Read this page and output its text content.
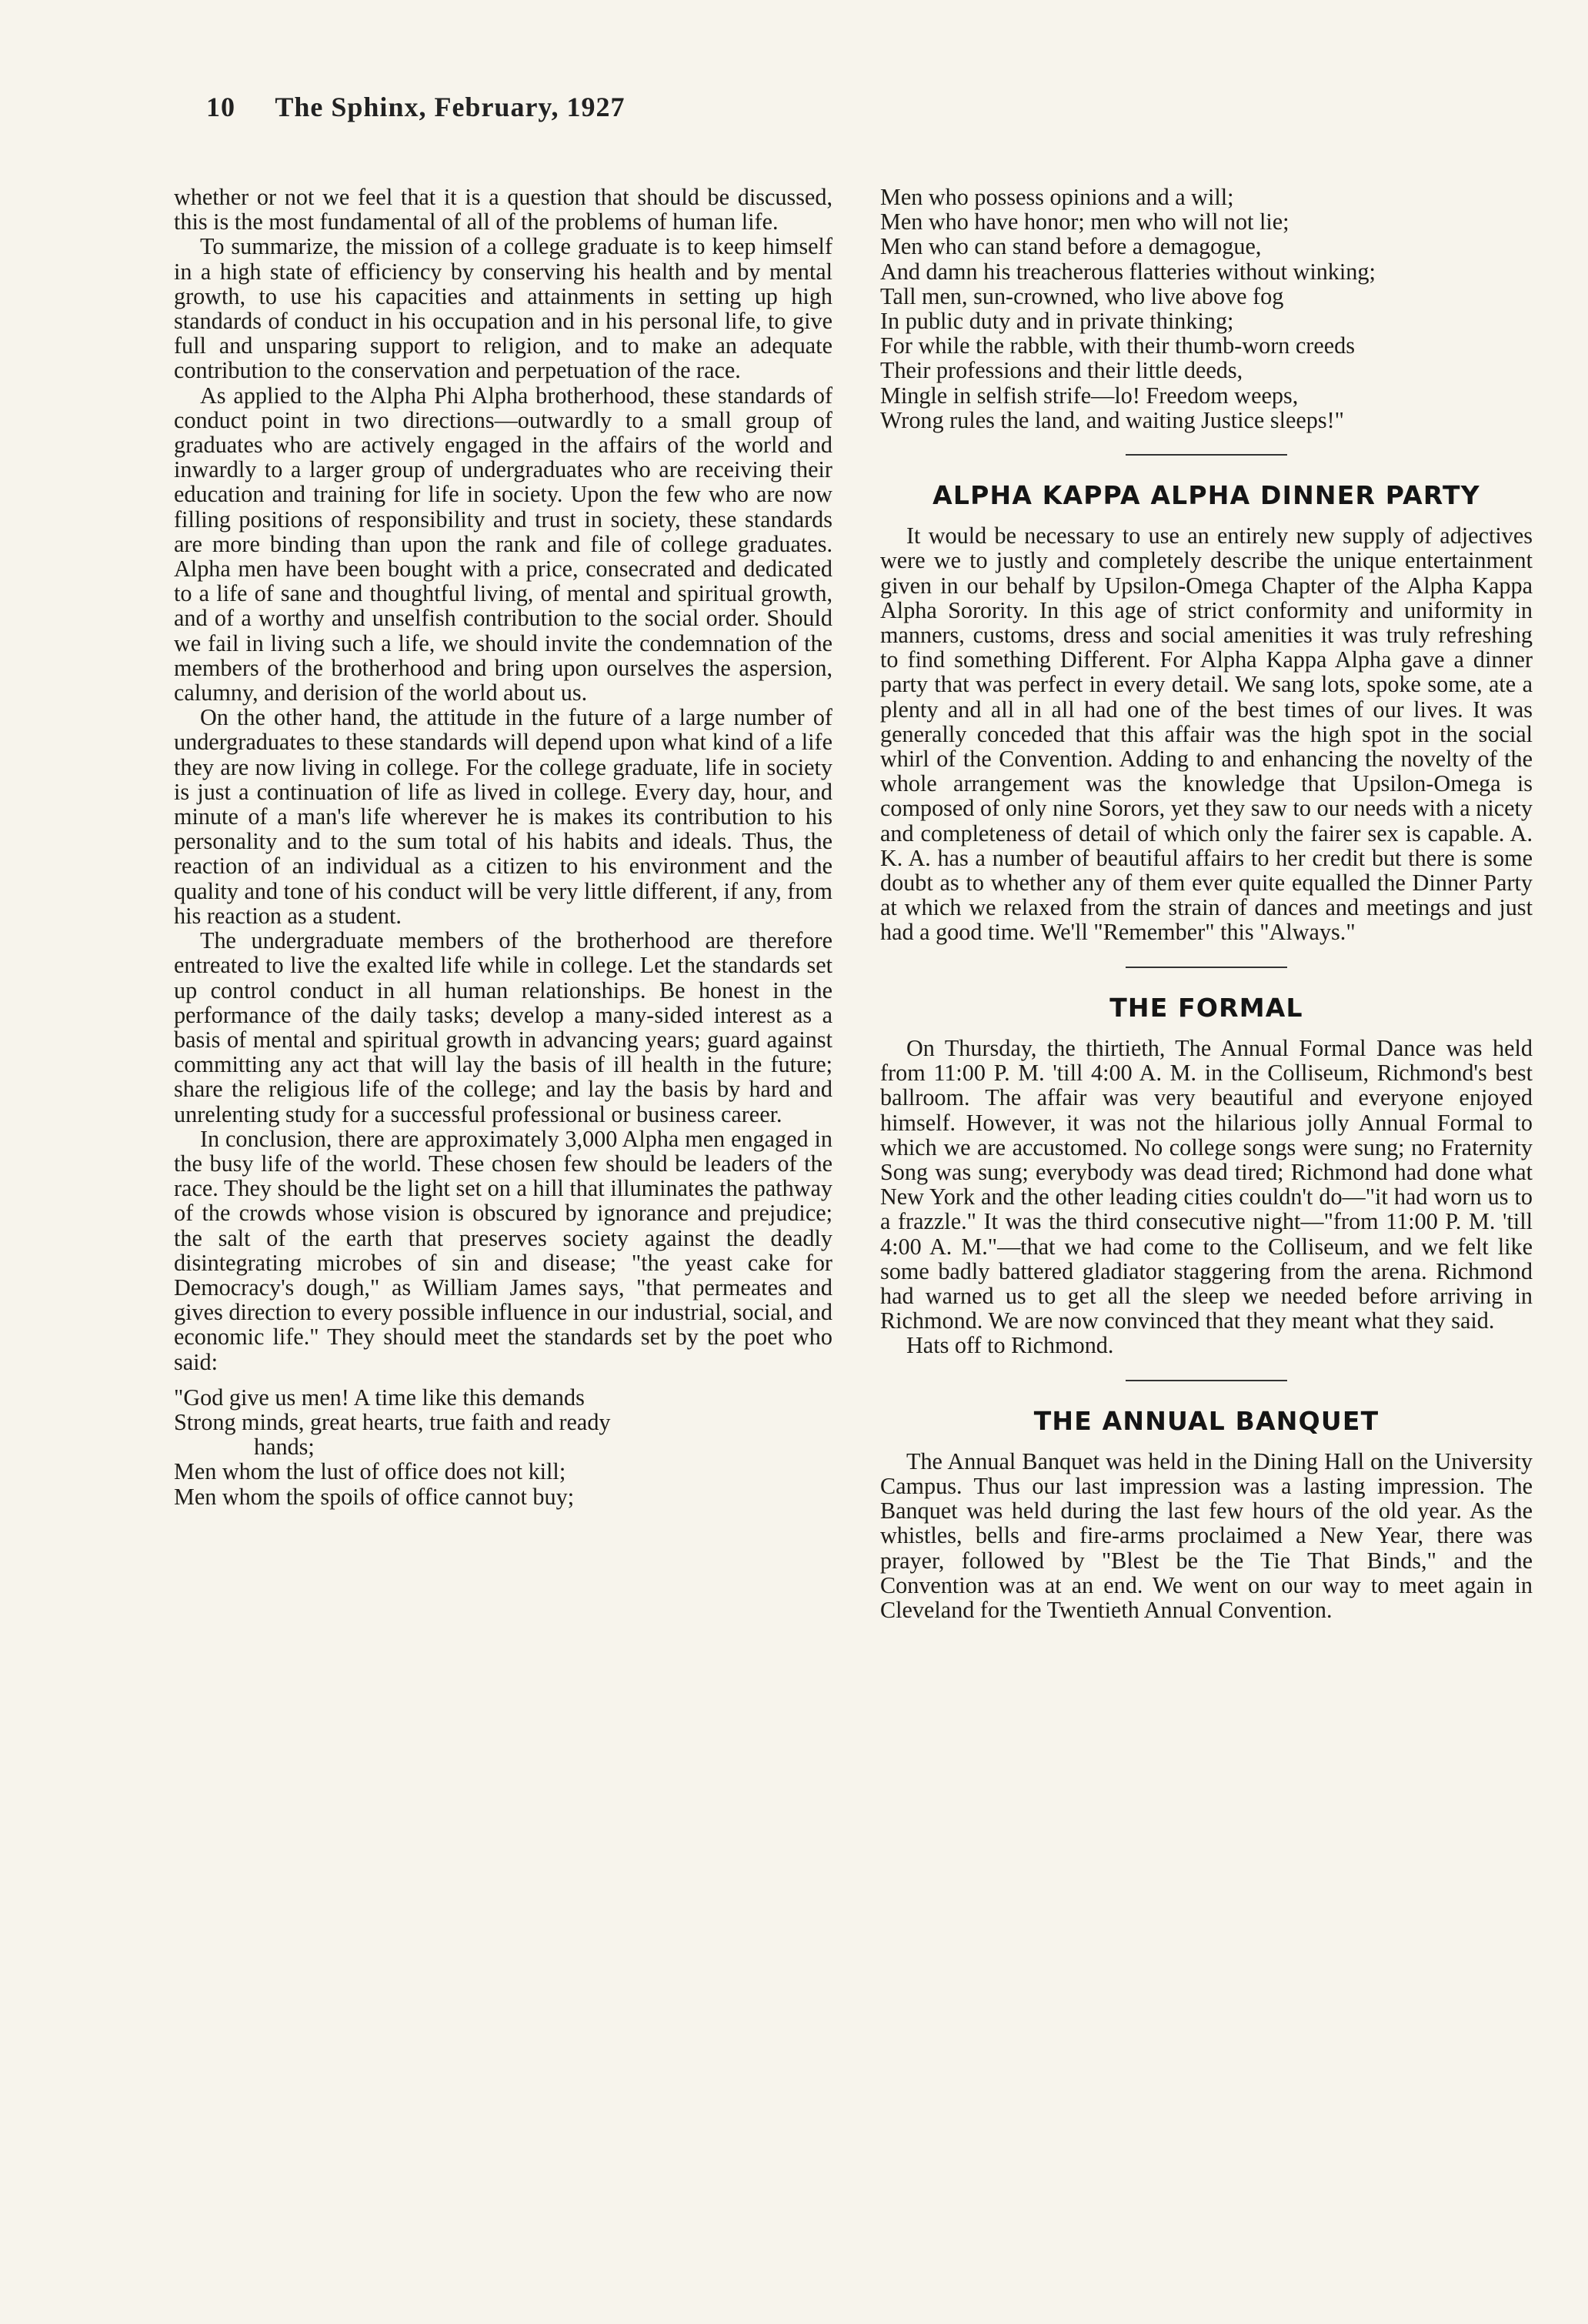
10 The Sphinx, February, 1927

whether or not we feel that it is a question that should be discussed, this is the most fundamental of all of the problems of human life.

To summarize, the mission of a college graduate is to keep himself in a high state of efficiency by conserving his health and by mental growth, to use his capacities and attainments in setting up high standards of conduct in his occupation and in his personal life, to give full and unsparing support to religion, and to make an adequate contribution to the conservation and perpetuation of the race.

As applied to the Alpha Phi Alpha brotherhood, these standards of conduct point in two directions—outwardly to a small group of graduates who are actively engaged in the affairs of the world and inwardly to a larger group of undergraduates who are receiving their education and training for life in society. Upon the few who are now filling positions of responsibility and trust in society, these standards are more binding than upon the rank and file of college graduates. Alpha men have been bought with a price, consecrated and dedicated to a life of sane and thoughtful living, of mental and spiritual growth, and of a worthy and unselfish contribution to the social order. Should we fail in living such a life, we should invite the condemnation of the members of the brotherhood and bring upon ourselves the aspersion, calumny, and derision of the world about us.

On the other hand, the attitude in the future of a large number of undergraduates to these standards will depend upon what kind of a life they are now living in college. For the college graduate, life in society is just a continuation of life as lived in college. Every day, hour, and minute of a man's life wherever he is makes its contribution to his personality and to the sum total of his habits and ideals. Thus, the reaction of an individual as a citizen to his environment and the quality and tone of his conduct will be very little different, if any, from his reaction as a student.

The undergraduate members of the brotherhood are therefore entreated to live the exalted life while in college. Let the standards set up control conduct in all human relationships. Be honest in the performance of the daily tasks; develop a many-sided interest as a basis of mental and spiritual growth in advancing years; guard against committing any act that will lay the basis of ill health in the future; share the religious life of the college; and lay the basis by hard and unrelenting study for a successful professional or business career.

In conclusion, there are approximately 3,000 Alpha men engaged in the busy life of the world. These chosen few should be leaders of the race. They should be the light set on a hill that illuminates the pathway of the crowds whose vision is obscured by ignorance and prejudice; the salt of the earth that preserves society against the deadly disintegrating microbes of sin and disease; "the yeast cake for Democracy's dough," as William James says, "that permeates and gives direction to every possible influence in our industrial, social, and economic life." They should meet the standards set by the poet who said:

"God give us men! A time like this demands
Strong minds, great hearts, true faith and ready
hands;
Men whom the lust of office does not kill;
Men whom the spoils of office cannot buy;
Men who possess opinions and a will;
Men who have honor; men who will not lie;
Men who can stand before a demagogue,
And damn his treacherous flatteries without winking;
Tall men, sun-crowned, who live above fog
In public duty and in private thinking;
For while the rabble, with their thumb-worn creeds
Their professions and their little deeds,
Mingle in selfish strife—lo! Freedom weeps,
Wrong rules the land, and waiting Justice sleeps!"
ALPHA KAPPA ALPHA DINNER PARTY

It would be necessary to use an entirely new supply of adjectives were we to justly and completely describe the unique entertainment given in our behalf by Upsilon-Omega Chapter of the Alpha Kappa Alpha Sorority. In this age of strict conformity and uniformity in manners, customs, dress and social amenities it was truly refreshing to find something Different. For Alpha Kappa Alpha gave a dinner party that was perfect in every detail. We sang lots, spoke some, ate a plenty and all in all had one of the best times of our lives. It was generally conceded that this affair was the high spot in the social whirl of the Convention. Adding to and enhancing the novelty of the whole arrangement was the knowledge that Upsilon-Omega is composed of only nine Sorors, yet they saw to our needs with a nicety and completeness of detail of which only the fairer sex is capable. A. K. A. has a number of beautiful affairs to her credit but there is some doubt as to whether any of them ever quite equalled the Dinner Party at which we relaxed from the strain of dances and meetings and just had a good time. We'll "Remember" this "Always."

THE FORMAL

On Thursday, the thirtieth, The Annual Formal Dance was held from 11:00 P. M. 'till 4:00 A. M. in the Colliseum, Richmond's best ballroom. The affair was very beautiful and everyone enjoyed himself. However, it was not the hilarious jolly Annual Formal to which we are accustomed. No college songs were sung; no Fraternity Song was sung; everybody was dead tired; Richmond had done what New York and the other leading cities couldn't do—"it had worn us to a frazzle." It was the third consecutive night—"from 11:00 P. M. 'till 4:00 A. M."—that we had come to the Colliseum, and we felt like some badly battered gladiator staggering from the arena. Richmond had warned us to get all the sleep we needed before arriving in Richmond. We are now convinced that they meant what they said.

Hats off to Richmond.

THE ANNUAL BANQUET

The Annual Banquet was held in the Dining Hall on the University Campus. Thus our last impression was a lasting impression. The Banquet was held during the last few hours of the old year. As the whistles, bells and fire-arms proclaimed a New Year, there was prayer, followed by "Blest be the Tie That Binds," and the Convention was at an end. We went on our way to meet again in Cleveland for the Twentieth Annual Convention.
